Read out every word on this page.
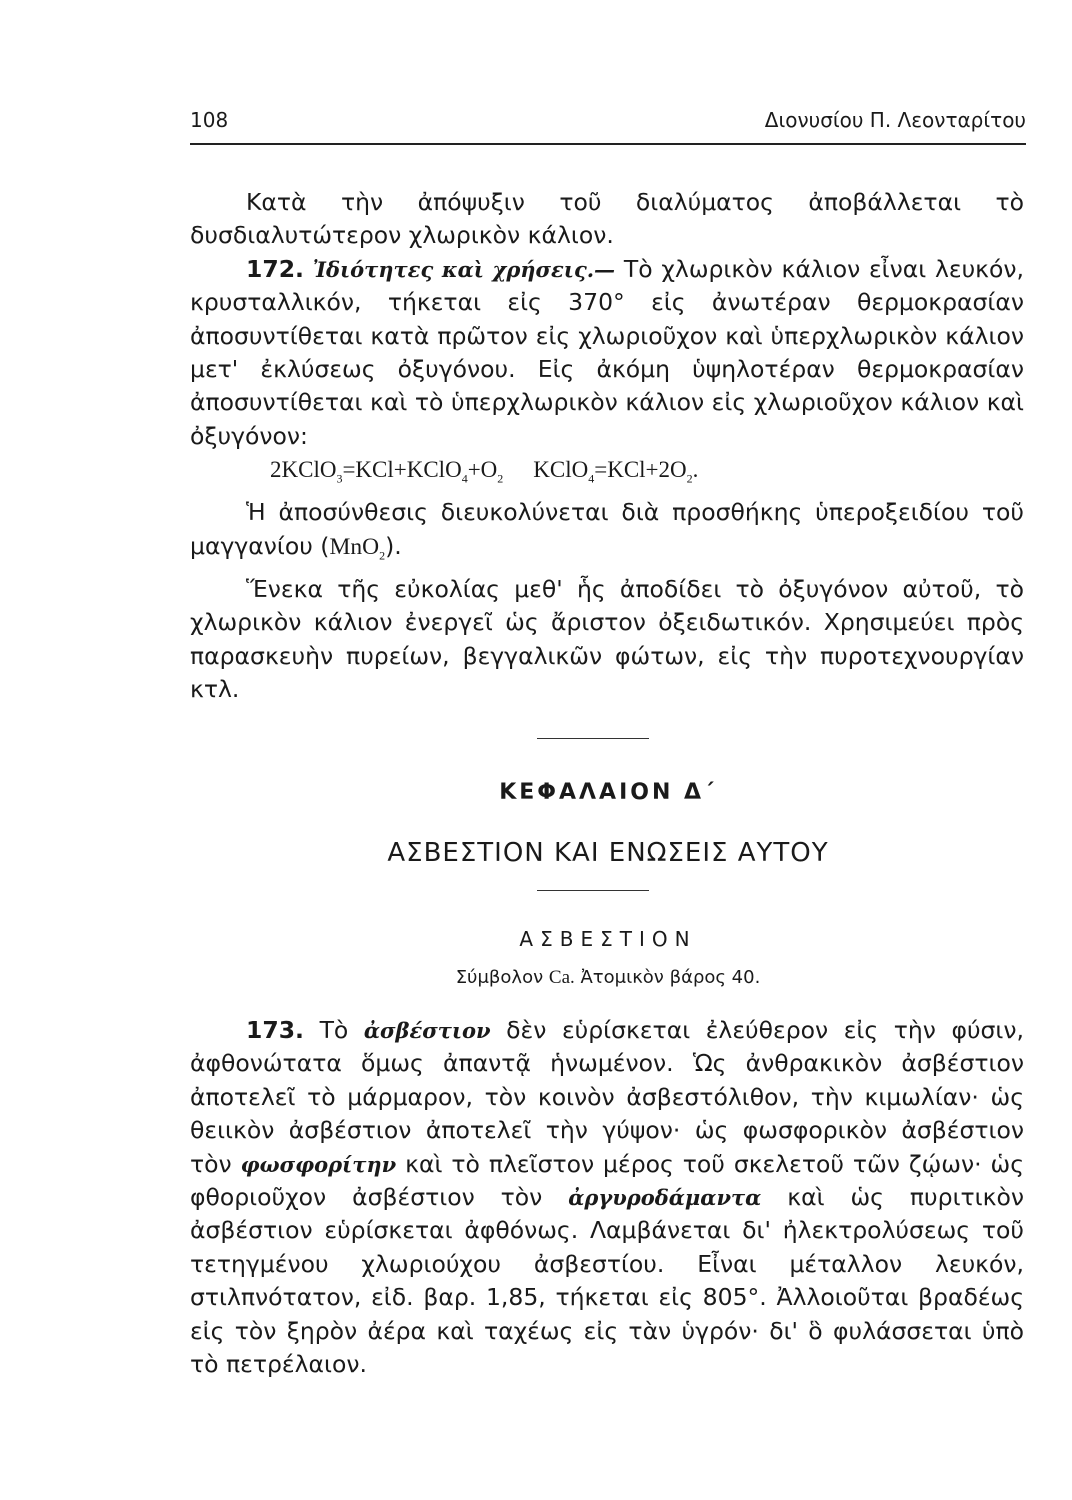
108	Διονυσίου Π. Λεονταρίτου

Κατὰ τὴν ἀπόψυξιν τοῦ διαλύματος ἀποβάλλεται τὸ δυσδιαλυτώτερον χλωρικὸν κάλιον.

172. Ἰδιότητες καὶ χρήσεις.— Τὸ χλωρικὸν κάλιον εἶναι λευκόν, κρυσταλλικόν, τήκεται εἰς 370° εἰς ἀνωτέραν θερμοκρασίαν ἀποσυντίθεται κατὰ πρῶτον εἰς χλωριοῦχον καὶ ὑπερχλωρικὸν κάλιον μετ' ἐκλύσεως ὀξυγόνου. Εἰς ἀκόμη ὑψηλοτέραν θερμοκρασίαν ἀποσυντίθεται καὶ τὸ ὑπερχλωρικὸν κάλιον εἰς χλωριοῦχον κάλιον καὶ ὀξυγόνον:

$2KClO_3=KCl+KClO_4+O_2$ $KClO_4=KCl+2O_2$.

Ἡ ἀποσύνθεσις διευκολύνεται διὰ προσθήκης ὑπεροξειδίου τοῦ μαγγανίου (MnO$_2$).

Ἕνεκα τῆς εὐκολίας μεθ' ἧς ἀποδίδει τὸ ὀξυγόνον αὐτοῦ, τὸ χλωρικὸν κάλιον ἐνεργεῖ ὡς ἄριστον ὀξειδωτικόν. Χρησιμεύει πρὸς παρασκευὴν πυρείων, βεγγαλικῶν φώτων, εἰς τὴν πυροτεχνουργίαν κτλ.

ΚΕΦΑΛΑΙΟΝ Δ΄
ΑΣΒΕΣΤΙΟΝ ΚΑΙ ΕΝΩΣΕΙΣ ΑΥΤΟΥ
ΑΣΒΕΣΤΙΟΝ
Σύμβολον Ca. Ἀτομικὸν βάρος 40.

173. Τὸ ἀσβέστιον δὲν εὑρίσκεται ἐλεύθερον εἰς τὴν φύσιν, ἀφθονώτατα ὅμως ἀπαντᾷ ἡνωμένον. Ὡς ἀνθρακικὸν ἀσβέστιον ἀποτελεῖ τὸ μάρμαρον, τὸν κοινὸν ἀσβεστόλιθον, τὴν κιμωλίαν· ὡς θειικὸν ἀσβέστιον ἀποτελεῖ τὴν γύψον· ὡς φωσφορικὸν ἀσβέστιον τὸν φωσφορίτην καὶ τὸ πλεῖστον μέρος τοῦ σκελετοῦ τῶν ζῴων· ὡς φθοριοῦχον ἀσβέστιον τὸν ἀργυροδάμαντα καὶ ὡς πυριτικὸν ἀσβέστιον εὑρίσκεται ἀφθόνως. Λαμβάνεται δι' ἠλεκτρολύσεως τοῦ τετηγμένου χλωριούχου ἀσβεστίου. Εἶναι μέταλλον λευκόν, στιλπνότατον, εἰδ. βαρ. 1,85, τήκεται εἰς 805°. Ἀλλοιοῦται βραδέως εἰς τὸν ξηρὸν ἀέρα καὶ ταχέως εἰς τὰν ὑγρόν· δι' ὃ φυλάσσεται ὑπὸ τὸ πετρέλαιον.
